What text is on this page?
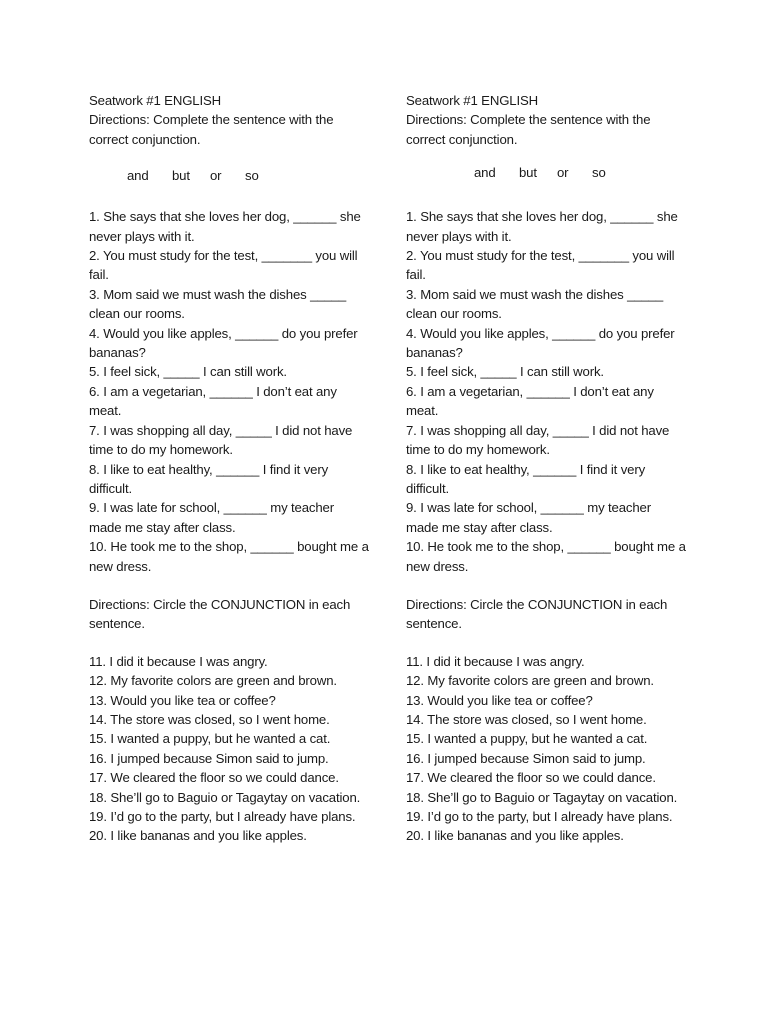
Seatwork #1 ENGLISH

Directions: Complete the sentence with the correct conjunction.

and but or so
1. She says that she loves her dog, ______ she never plays with it.
2. You must study for the test, _______ you will fail.
3. Mom said we must wash the dishes _____ clean our rooms.
4. Would you like apples, ______ do you prefer bananas?
5. I feel sick, _____ I can still work.
6. I am a vegetarian, ______ I don’t eat any meat.
7. I was shopping all day, _____ I did not have time to do my homework.
8. I like to eat healthy, ______ I find it very difficult.
9. I was late for school, ______ my teacher made me stay after class.
10. He took me to the shop, ______ bought me a new dress.

Directions: Circle the CONJUNCTION in each sentence.

11. I did it because I was angry.
12. My favorite colors are green and brown.
13. Would you like tea or coffee?
14. The store was closed, so I went home.
15. I wanted a puppy, but he wanted a cat.
16. I jumped because Simon said to jump.
17. We cleared the floor so we could dance.
18. She’ll go to Baguio or Tagaytay on vacation.
19. I’d go to the party, but I already have plans.
20. I like bananas and you like apples.

Seatwork #1 ENGLISH

Directions: Complete the sentence with the correct conjunction.

and but or so
1. She says that she loves her dog, ______ she never plays with it.
2. You must study for the test, _______ you will fail.
3. Mom said we must wash the dishes _____ clean our rooms.
4. Would you like apples, ______ do you prefer bananas?
5. I feel sick, _____ I can still work.
6. I am a vegetarian, ______ I don’t eat any meat.
7. I was shopping all day, _____ I did not have time to do my homework.
8. I like to eat healthy, ______ I find it very difficult.
9. I was late for school, ______ my teacher made me stay after class.
10. He took me to the shop, ______ bought me a new dress.

Directions: Circle the CONJUNCTION in each sentence.

11. I did it because I was angry.
12. My favorite colors are green and brown.
13. Would you like tea or coffee?
14. The store was closed, so I went home.
15. I wanted a puppy, but he wanted a cat.
16. I jumped because Simon said to jump.
17. We cleared the floor so we could dance.
18. She’ll go to Baguio or Tagaytay on vacation.
19. I’d go to the party, but I already have plans.
20. I like bananas and you like apples.
